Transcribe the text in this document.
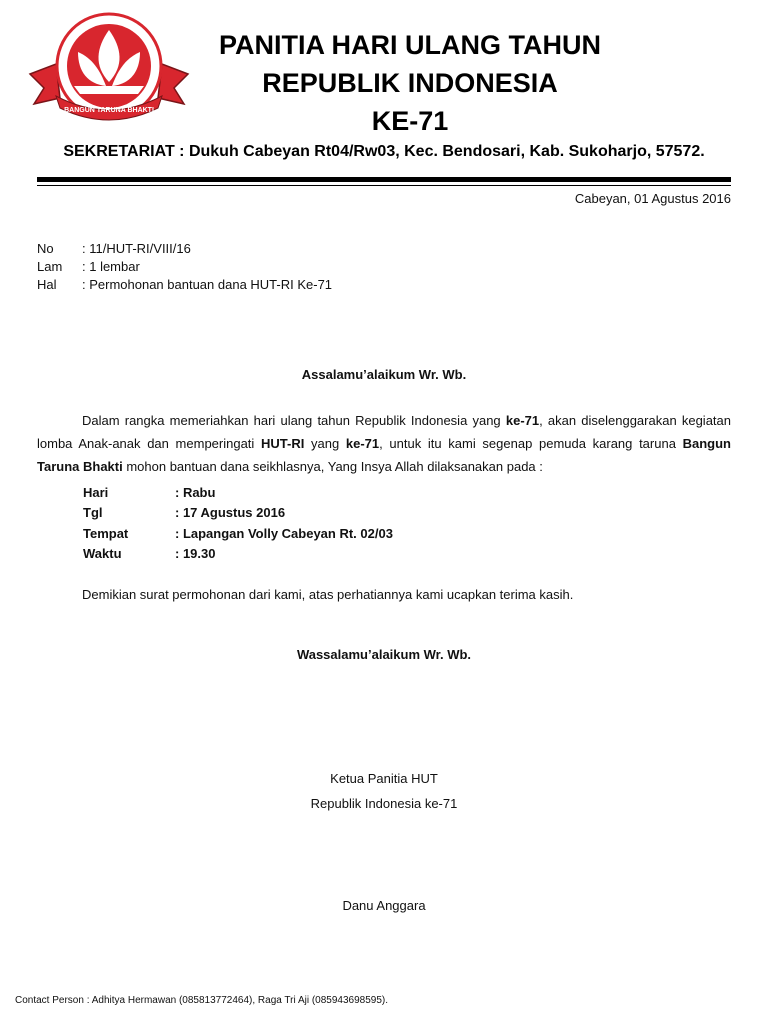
BANGUN TARUNA BHAKTI
PANITIA HARI ULANG TAHUN
REPUBLIK INDONESIA
KE-71
SEKRETARIAT : Dukuh Cabeyan Rt04/Rw03, Kec. Bendosari, Kab. Sukoharjo, 57572.
Cabeyan, 01 Agustus 2016
No	: 11/HUT-RI/VIII/16
Lam	: 1 lembar
Hal	: Permohonan bantuan dana HUT-RI Ke-71
Assalamu’alaikum Wr. Wb.
Dalam rangka memeriahkan hari ulang tahun Republik Indonesia yang ke-71, akan diselenggarakan kegiatan lomba Anak-anak dan memperingati HUT-RI yang ke-71, untuk itu kami segenap pemuda karang taruna Bangun Taruna Bhakti mohon bantuan dana seikhlasnya, Yang Insya Allah dilaksanakan pada :
Hari	: Rabu
Tgl	: 17 Agustus 2016
Tempat	: Lapangan Volly Cabeyan Rt. 02/03
Waktu	: 19.30
Demikian surat permohonan dari kami, atas perhatiannya kami ucapkan terima kasih.
Wassalamu’alaikum Wr. Wb.
Ketua Panitia HUT
Republik Indonesia ke-71
Danu Anggara
Contact Person : Adhitya Hermawan (085813772464), Raga Tri Aji (085943698595).
